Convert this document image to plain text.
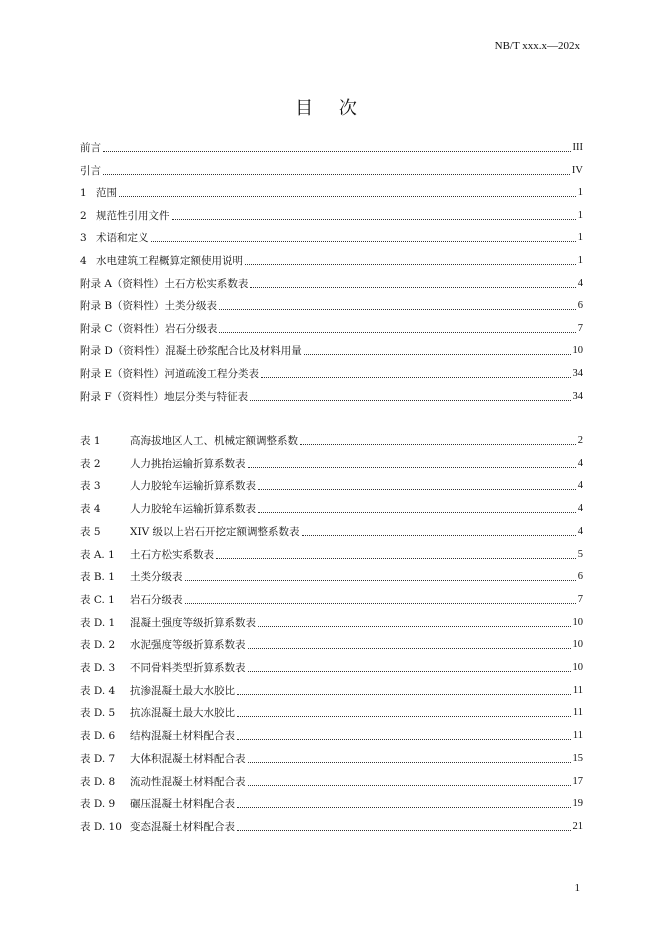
NB/T xxx.x—202x
目 次
前言	III
引言	IV
1 范围	1
2 规范性引用文件	1
3 术语和定义	1
4 水电建筑工程概算定额使用说明	1
附录 A（资料性）土石方松实系数表	4
附录 B（资料性）土类分级表	6
附录 C（资料性）岩石分级表	7
附录 D（资料性）混凝土砂浆配合比及材料用量	10
附录 E（资料性）河道疏浚工程分类表	34
附录 F（资料性）地层分类与特征表	34
表 1	高海拔地区人工、机械定额调整系数	2
表 2	人力挑抬运输折算系数表	4
表 3	人力胶轮车运输折算系数表	4
表 4	人力胶轮车运输折算系数表	4
表 5	XIV 级以上岩石开挖定额调整系数表	4
表 A. 1	土石方松实系数表	5
表 B. 1	土类分级表	6
表 C. 1	岩石分级表	7
表 D. 1	混凝土强度等级折算系数表	10
表 D. 2	水泥强度等级折算系数表	10
表 D. 3	不同骨料类型折算系数表	10
表 D. 4	抗渗混凝土最大水胶比	11
表 D. 5	抗冻混凝土最大水胶比	11
表 D. 6	结构混凝土材料配合表	11
表 D. 7	大体积混凝土材料配合表	15
表 D. 8	流动性混凝土材料配合表	17
表 D. 9	碾压混凝土材料配合表	19
表 D. 10 变态混凝土材料配合表	21
1
